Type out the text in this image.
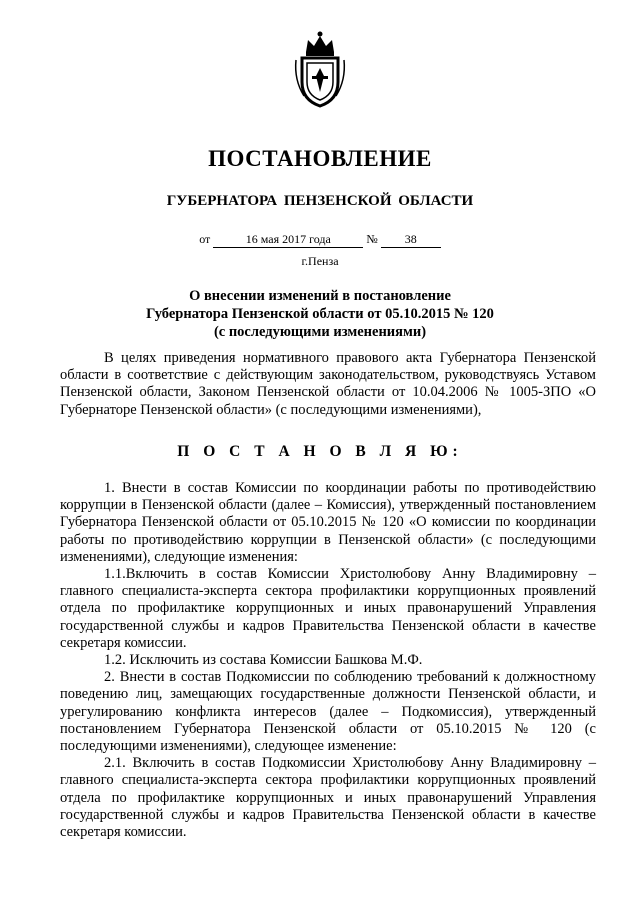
ПОСТАНОВЛЕНИЕ
ГУБЕРНАТОРА ПЕНЗЕНСКОЙ ОБЛАСТИ
от	16 мая 2017 года	№ 38
г.Пенза
О внесении изменений в постановление
Губернатора Пензенской области от 05.10.2015 № 120
(с последующими изменениями)

В целях приведения нормативного правового акта Губернатора Пензенской области в соответствие с действующим законодательством, руководствуясь Уставом Пензенской области, Законом Пензенской области от 10.04.2006 № 1005-ЗПО «О Губернаторе Пензенской области» (с последующими изменениями),

П О С Т А Н О В Л Я Ю:

1. Внести в состав Комиссии по координации работы по противодействию коррупции в Пензенской области (далее – Комиссия), утвержденный постановлением Губернатора Пензенской области от 05.10.2015 № 120 «О комиссии по координации работы по противодействию коррупции в Пензенской области» (с последующими изменениями), следующие изменения:

1.1.Включить в состав Комиссии Христолюбову Анну Владимировну – главного специалиста-эксперта сектора профилактики коррупционных проявлений отдела по профилактике коррупционных и иных правонарушений Управления государственной службы и кадров Правительства Пензенской области в качестве секретаря комиссии.

1.2. Исключить из состава Комиссии Башкова М.Ф.

2. Внести в состав Подкомиссии по соблюдению требований к должностному поведению лиц, замещающих государственные должности Пензенской области, и урегулированию конфликта интересов (далее – Подкомиссия), утвержденный постановлением Губернатора Пензенской области от 05.10.2015 № 120 (с последующими изменениями), следующее изменение:

2.1. Включить в состав Подкомиссии Христолюбову Анну Владимировну – главного специалиста-эксперта сектора профилактики коррупционных проявлений отдела по профилактике коррупционных и иных правонарушений Управления государственной службы и кадров Правительства Пензенской области в качестве секретаря комиссии.
